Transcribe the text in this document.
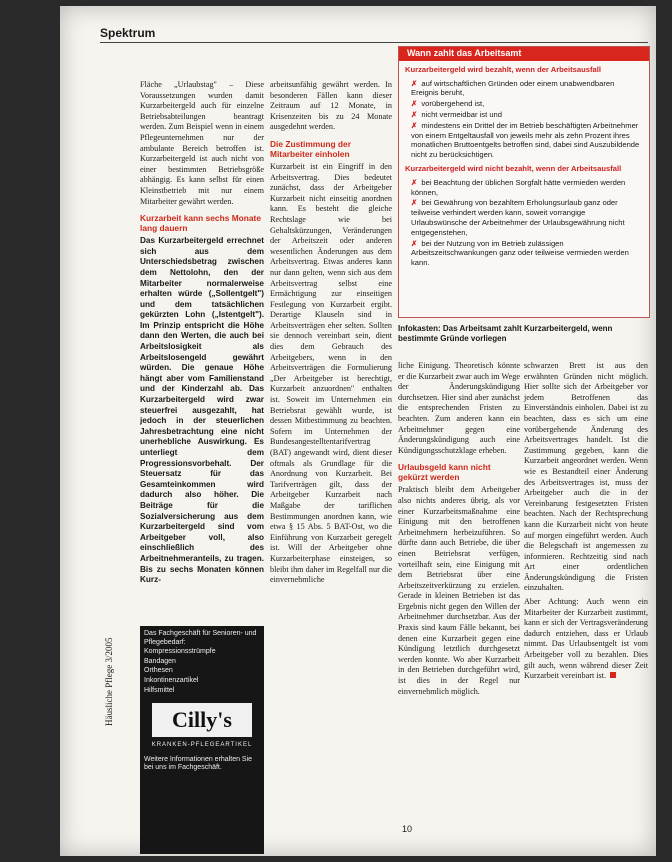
Spektrum
Häusliche Pflege 3/2005

Fläche „Urlaubstag" – Diese Voraussetzungen wurden damit Kurzarbeitergeld auch für einzelne Betriebsabteilungen beantragt werden. Zum Beispiel wenn in einem Pflegeunternehmen nur der ambulante Bereich betroffen ist. Kurzarbeitergeld ist auch nicht von einer bestimmten Betriebsgröße abhängig. Es kann selbst für einen Kleinstbetrieb mit nur einem Mitarbeiter gewährt werden.

Kurzarbeit kann sechs Monate lang dauern

Das Kurzarbeitergeld errechnet sich aus dem Unterschiedsbetrag zwischen dem Nettolohn, den der Mitarbeiter normalerweise erhalten würde („Sollentgelt") und dem tatsächlichen gekürzten Lohn („Istentgelt"). Im Prinzip entspricht die Höhe dann den Werten, die auch bei Arbeitslosigkeit als Arbeitslosengeld gewährt würden. Die genaue Höhe hängt aber vom Familienstand und der Kinderzahl ab. Das Kurzarbeitergeld wird zwar steuerfrei ausgezahlt, hat jedoch in der steuerlichen Jahresbetrachtung eine nicht unerhebliche Auswirkung. Es unterliegt dem Progressionsvorbehalt. Der Steuersatz für das Gesamteinkommen wird dadurch also höher. Die Beiträge für die Sozialversicherung aus dem Kurzarbeitergeld sind vom Arbeitgeber voll, also einschließlich des Arbeitnehmeranteils, zu tragen. Bis zu sechs Monaten können Kurz-

arbeitsunfähig gewährt werden. In besonderen Fällen kann dieser Zeitraum auf 12 Monate, in Krisenzeiten bis zu 24 Monate ausgedehnt werden.

Die Zustimmung der Mitarbeiter einholen

Kurzarbeit ist ein Eingriff in den Arbeitsvertrag. Dies bedeutet zunächst, dass der Arbeitgeber Kurzarbeit nicht einseitig anordnen kann. Es besteht die gleiche Rechtslage wie bei Gehaltskürzungen, Veränderungen der Arbeitszeit oder anderen wesentlichen Änderungen aus dem Arbeitsvertrag. Etwas anderes kann nur dann gelten, wenn sich aus dem Arbeitsvertrag selbst eine Ermächtigung zur einseitigen Festlegung von Kurzarbeit ergibt. Derartige Klauseln sind in Arbeitsverträgen eher selten. Sollten sie dennoch vereinbart sein, dient dies dem Gebrauch des Arbeitgebers, wenn in den Arbeitsverträgen die Formulierung „Der Arbeitgeber ist berechtigt, Kurzarbeit anzuordnen" enthalten ist. Soweit im Unternehmen ein Betriebsrat gewählt wurde, ist dessen Mitbestimmung zu beachten. Sofern im Unternehmen der Bundesangestelltentarifvertrag (BAT) angewandt wird, dient dieser oftmals als Grundlage für die Anordnung von Kurzarbeit. Bei Tarifverträgen gilt, dass der Arbeitgeber Kurzarbeit nach Maßgabe der tariflichen Bestimmungen anordnen kann, wie etwa § 15 Abs. 5 BAT-Ost, wo die Einführung von Kurzarbeit geregelt ist. Will der Arbeitgeber ohne Kurzarbeiterphase einsteigen, so bleibt ihm daher im Regelfall nur die einvernehmliche

Wann zahlt das Arbeitsamt
Kurzarbeitergeld wird bezahlt, wenn der Arbeitsausfall
✗ auf wirtschaftlichen Gründen oder einem unabwendbaren Ereignis beruht,
✗ vorübergehend ist,
✗ nicht vermeidbar ist und
✗ mindestens ein Drittel der im Betrieb beschäftigten Arbeitnehmer von einem Entgeltausfall von jeweils mehr als zehn Prozent ihres monatlichen Bruttoentgelts betroffen sind, dabei sind Auszubildende nicht zu berücksichtigen.
Kurzarbeitergeld wird nicht bezahlt, wenn der Arbeitsausfall
✗ bei Beachtung der üblichen Sorgfalt hätte vermieden werden können,
✗ bei Gewährung von bezahltem Erholungsurlaub ganz oder teilweise verhindert werden kann, soweit vorrangige Urlaubswünsche der Arbeitnehmer der Urlaubsgewährung nicht entgegenstehen,
✗ bei der Nutzung von im Betrieb zulässigen Arbeitszeitschwankungen ganz oder teilweise vermieden werden kann.
Infokasten: Das Arbeitsamt zahlt Kurzarbeitergeld, wenn bestimmte Gründe vorliegen

liche Einigung. Theoretisch könnte er die Kurzarbeit zwar auch im Wege der Änderungskündigung durchsetzen. Hier sind aber zunächst die entsprechenden Fristen zu beachten. Zum anderen kann ein Arbeitnehmer gegen eine Änderungskündigung auch eine Kündigungsschutzklage erheben.

Urlaubsgeld kann nicht gekürzt werden

Praktisch bleibt dem Arbeitgeber also nichts anderes übrig, als vor einer Kurzarbeitsmaßnahme eine Einigung mit den betroffenen Arbeitnehmern herbeizuführen. So dürfte dann auch Betriebe, die über einen Betriebsrat verfügen, vorteilhaft sein, eine Einigung mit dem Betriebsrat über eine Arbeitszeitverkürzung zu erzielen. Gerade in kleinen Betrieben ist das Ergebnis nicht gegen den Willen der Arbeitnehmer durchsetzbar. Aus der Praxis sind kaum Fälle bekannt, bei denen eine Kurzarbeit gegen eine Kündigung letztlich durchgesetzt werden konnte. Wo aber Kurzarbeit in den Betrieben durchgeführt wird, ist dies in der Regel nur einvernehmlich möglich.

schwarzen Brett ist aus den erwähnten Gründen nicht möglich. Hier sollte sich der Arbeitgeber vor jedem Betroffenen das Einverständnis einholen. Dabei ist zu beachten, dass es sich um eine vorübergehende Änderung des Arbeitsvertrages handelt. Ist die Zustimmung gegeben, kann die Kurzarbeit angeordnet werden. Wenn wie es Bestandteil einer Änderung des Arbeitsvertrages ist, muss der Arbeitgeber auch die in der Vereinbarung festgesetzten Fristen beachten. Nach der Rechtsprechung kann die Kurzarbeit nicht von heute auf morgen eingeführt werden. Auch die Belegschaft ist angemessen zu informieren. Rechtzeitig sind nach Art einer ordentlichen Änderungskündigung die Fristen einzuhalten.

Aber Achtung: Auch wenn ein Mitarbeiter der Kurzarbeit zustimmt, kann er sich der Vertragsveränderung dadurch entziehen, dass er Urlaub nimmt. Das Urlaubsentgelt ist vom Arbeitgeber voll zu bezahlen. Dies gilt auch, wenn während dieser Zeit Kurzarbeit vereinbart ist.

Das Fachgeschäft für Senioren- und Pflegebedarf:
Kompressionsstrümpfe
Bandagen
Orthesen
Inkontinenzartikel
Hilfsmittel
Cilly's
KRANKEN-PFLEGEARTIKEL
Weitere Informationen erhalten Sie bei uns im Fachgeschäft.
10
